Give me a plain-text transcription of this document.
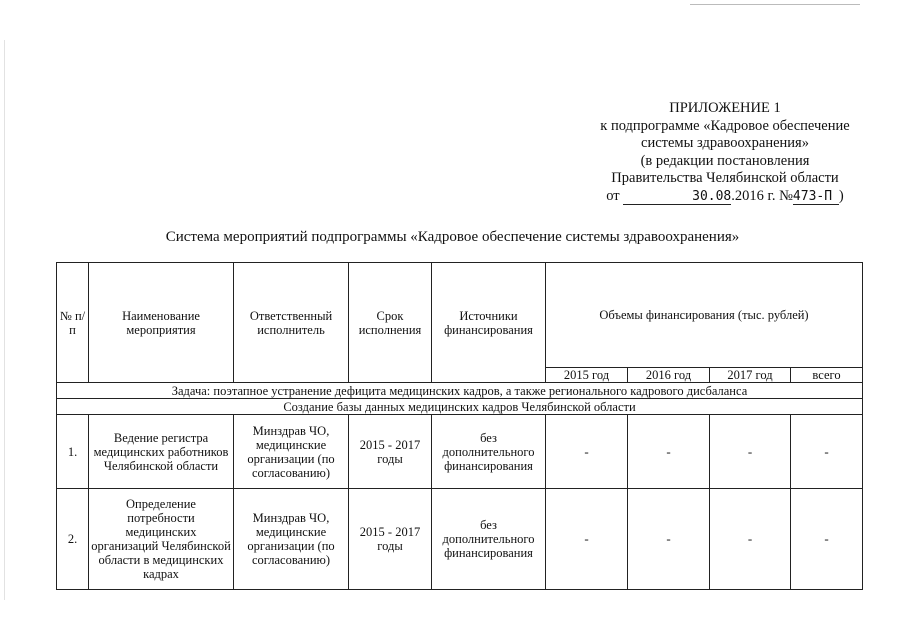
ПРИЛОЖЕНИЕ 1
к подпрограмме «Кадровое обеспечение
системы здравоохранения»
(в редакции постановления
Правительства Челябинской области
от	30.08.2016 г. №473-П )
Система мероприятий подпрограммы «Кадровое обеспечение системы здравоохранения»
№ п/п	Наименование мероприятия	Ответственный исполнитель	Срок исполнения	Источники финансирования	Объемы финансирования (тыс. рублей)			
					2015 год	2016 год	2017 год	всего
Задача: поэтапное устранение дефицита медицинских кадров, а также регионального кадрового дисбаланса								
Создание базы данных медицинских кадров Челябинской области								
1.	Ведение регистра медицинских работников Челябинской области	Минздрав ЧО, медицинские организации (по согласованию)	2015 - 2017 годы	без дополнительного финансирования	-	-	-	-
2.	Определение потребности медицинских организаций Челябинской области в медицинских кадрах	Минздрав ЧО, медицинские организации (по согласованию)	2015 - 2017 годы	без дополнительного финансирования	-	-	-	-
